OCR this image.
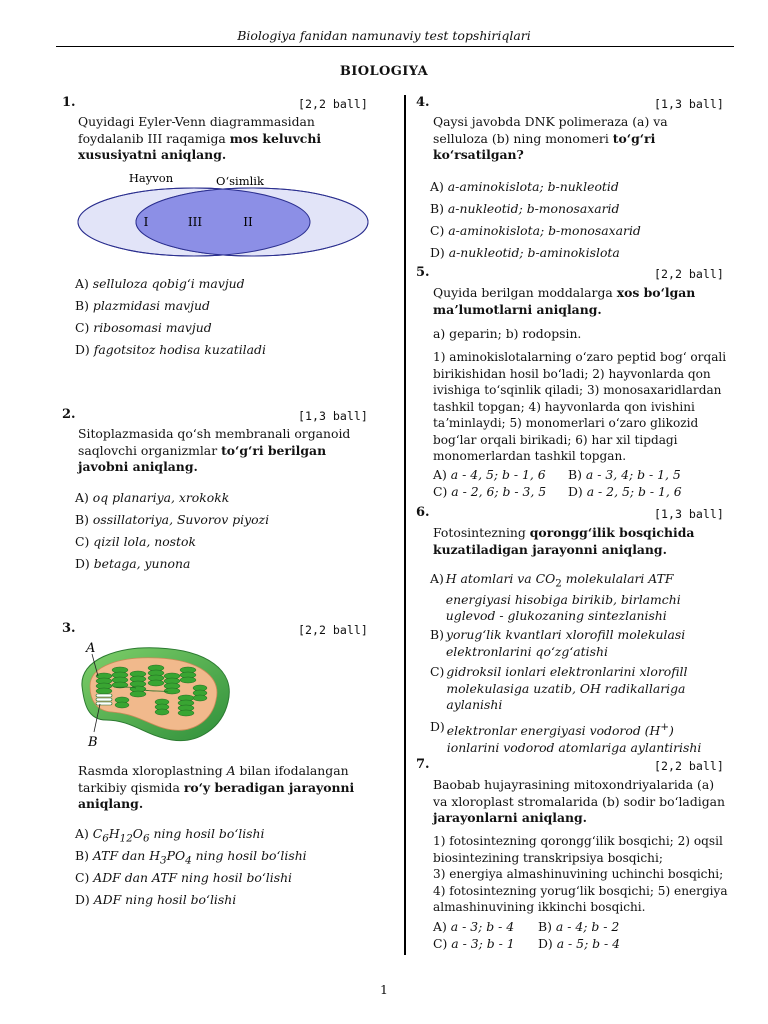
Biologiya fanidan namunaviy test topshiriqlari
BIOLOGIYA
1.	[2,2 ball]
Quyidagi Eyler-Venn diagrammasidan foydalanib III raqamiga mos keluvchi xususiyatni aniqlang.
Hayvon	Oʻsimlik
I	III	II
A) selluloza qobigʻi mavjud
B) plazmidasi mavjud
C) ribosomasi mavjud
D) fagotsitoz hodisa kuzatiladi
2.	[1,3 ball]
Sitoplazmasida qoʻsh membranali organoid saqlovchi organizmlar toʻgʻri berilgan javobni aniqlang.
A) oq planariya, xrokokk
B) ossillatoriya, Suvorov piyozi
C) qizil lola, nostok
D) betaga, yunona
3.	[2,2 ball]
A
B
Rasmda xloroplastning A bilan ifodalangan tarkibiy qismida roʻy beradigan jarayonni aniqlang.
A) $C_6H_{12}O_6$ ning hosil boʻlishi
B) ATF dan $H_3PO_4$ ning hosil boʻlishi
C) ADF dan ATF ning hosil boʻlishi
D) ADF ning hosil boʻlishi
4.	[1,3 ball]
Qaysi javobda DNK polimeraza (a) va selluloza (b) ning monomeri toʻgʻri koʻrsatilgan?
A) a-aminokislota; b-nukleotid
B) a-nukleotid; b-monosaxarid
C) a-aminokislota; b-monosaxarid
D) a-nukleotid; b-aminokislota
5.	[2,2 ball]
Quyida berilgan moddalarga xos boʻlgan maʼlumotlarni aniqlang.
a) geparin; b) rodopsin.
1) aminokislotalarning oʻzaro peptid bogʻ orqali birikishidan hosil boʻladi; 2) hayvonlarda qon ivishiga toʻsqinlik qiladi; 3) monosaxaridlardan tashkil topgan; 4) hayvonlarda qon ivishini taʼminlaydi; 5) monomerlari oʻzaro glikozid bogʻlar orqali birikadi; 6) har xil tipdagi monomerlardan tashkil topgan.
A) a - 4, 5; b - 1, 6 B) a - 3, 4; b - 1, 5
C) a - 2, 6; b - 3, 5 D) a - 2, 5; b - 1, 6
6.	[1,3 ball]
Fotosintezning qoronggʻilik bosqichida kuzatiladigan jarayonni aniqlang.
A) H atomlari va $CO_2$ molekulalari ATF energiyasi hisobiga birikib, birlamchi uglevod - glukozaning sintezlanishi
B) yorugʻlik kvantlari xlorofill molekulasi elektronlarini qoʻzgʻatishi
C) gidroksil ionlari elektronlarini xlorofill molekulasiga uzatib, OH radikallariga aylanishi
D) elektronlar energiyasi vodorod (H+) ionlarini vodorod atomlariga aylantirishi
7.	[2,2 ball]
Baobab hujayrasining mitoxondriyalarida (a) va xloroplast stromalarida (b) sodir boʻladigan jarayonlarni aniqlang.
1) fotosintezning qoronggʻilik bosqichi; 2) oqsil biosintezining transkripsiya bosqichi;
3) energiya almashinuvining uchinchi bosqichi; 4) fotosintezning yorugʻlik bosqichi; 5) energiya almashinuvining ikkinchi bosqichi.
A) a - 3; b - 4 B) a - 4; b - 2
C) a - 3; b - 1 D) a - 5; b - 4
1
